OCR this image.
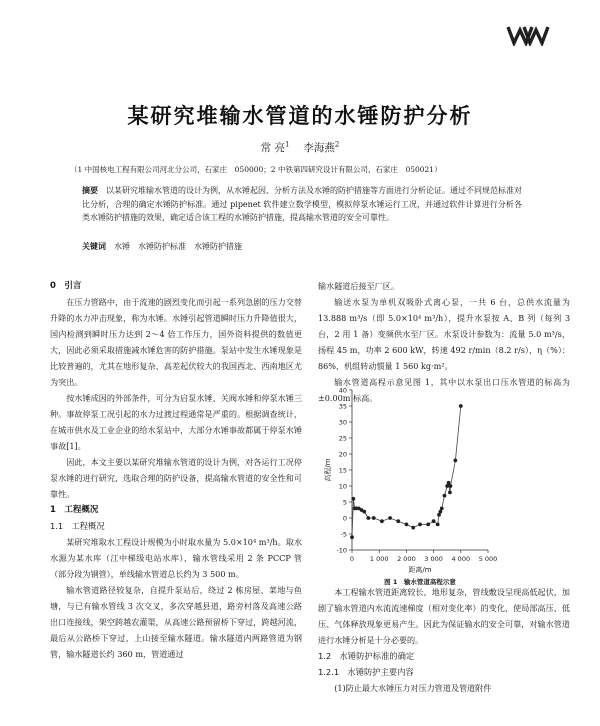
某研究堆输水管道的水锤防护分析
常 亮$^1$ 李海燕$^2$
（1 中国核电工程有限公司河北分公司，石家庄　050000；2 中铁第四研究设计有限公司，石家庄　050021）
摘要　 以某研究堆输水管道的设计为例，从水锤起因、分析方法及水锤的防护措施等方面进行分析论证。通过不同规范标准对比分析，合理的确定水锤防护标准。通过 pipenet 软件建立数学模型，模拟停泵水锤运行工况，并通过软件计算进行分析各类水锤防护措施的效果，确定适合该工程的水锤防护措施，提高输水管道的安全可靠性。
关键词 水锤 水锤防护标准 水锤防护措施

0　引言

在压力管路中，由于流速的剧烈变化而引起一系列急剧的压力交替升降的水力冲击现象，称为水锤。水锤引起管道瞬时压力升降值很大，国内检测到瞬时压力达到 2～4 倍工作压力，国外资料提供的数值更大，因此必须采取措施减水锤危害的防护措施。泵站中发生水锤现象是比较普遍的，尤其在地形复杂、高差起伏较大的我国西北、西南地区尤为突出。

按水锤成因的外部条件，可分为启泵水锤、关阀水锤和停泵水锤三种。事故停泵工况引起的水力过渡过程通常是严重的。根据调查统计，在城市供水及工业企业的给水泵站中，大部分水锤事故都属于停泵水锤事故[1]。

因此，本文主要以某研究堆输水管道的设计为例，对各运行工况停泵水锤的进行研究，选取合理的防护设备，提高输水管道的安全性和可靠性。

1　工程概况

1.1　工程概况

某研究堆取水工程设计规模为小时取水量为 5.0×10⁴ m³/h。取水水源为某水库（江中梯级电站水库），输水管线采用 2 条 PCCP 管（部分段为钢管），单线输水管道总长约为 3 500 m。

输水管道路径较复杂，自提升泵站后，绕过 2 栋房屋、菜地与鱼塘，与已有输水管线 3 次交叉，多次穿越县道，路旁村落及高速公路出口连接线，架空跨越农灌渠，从高速公路预留桥下穿过，跨越河流，最后从公路桥下穿过，上山接至输水隧道。输水隧道内两路管道为钢管，输水隧道长约 360 m，管道通过

输水隧道后接至厂区。

输送水泵为单机双吸卧式离心泵，一共 6 台，总供水流量为 13.888 m³/s（即 5.0×10⁴ m³/h），提升水泵按 A、B 列（每列 3 台，2 用 1 备）变频供水至厂区。水泵设计参数为：流量 5.0 m³/s，扬程 45 m，功率 2 600 kW，转速 492 r/min（8.2 r/s），η（%）：86%，机组转动惯量 1 560 kg·m²。

输水管道高程示意见图 1，其中以水泵出口压水管道的标高为±0.00m 标高。

-10
-5
0
5
10
15
20
25
30
35
40
0 1 000 2 000 3 000 4 000 5 000
距离/m
高程/m
图 1　输水管道高程示意

本工程输水管道距离较长，地形复杂，管线敷设呈现高低起伏，加剧了输水管道内水流流速梯度（相对变化率）的变化，使局部高压、低压、气体释放现象更易产生。因此为保证输水的安全可靠，对输水管道进行水锤分析是十分必要的。

1.2　水锤防护标准的确定

1.2.1　水锤防护主要内容

(1)防止最大水锤压力对压力管道及管道附件
